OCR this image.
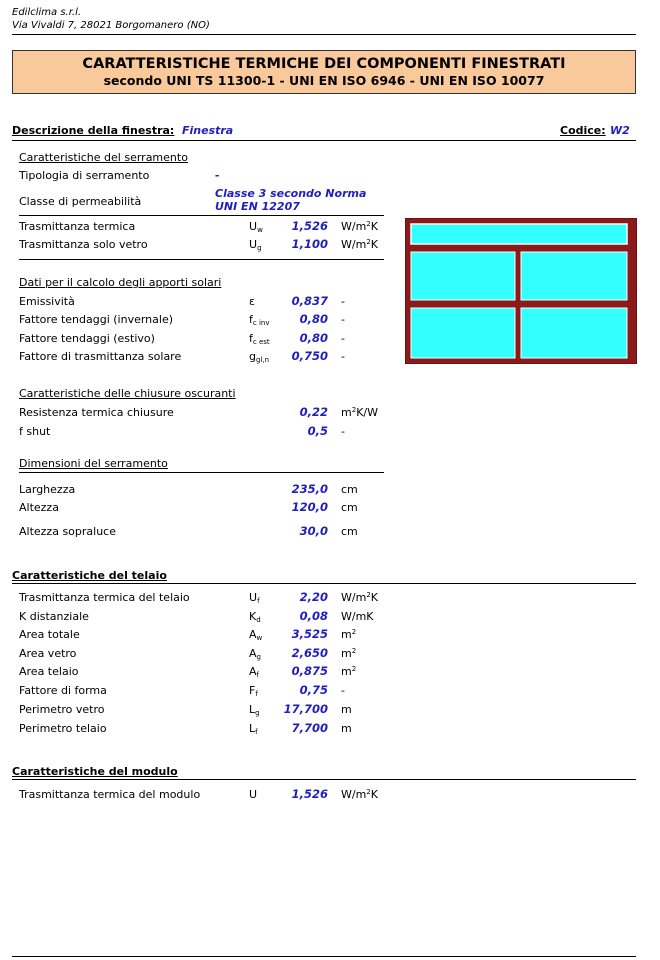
Edilclima s.r.l.
Via Vivaldi 7, 28021 Borgomanero (NO)
CARATTERISTICHE TERMICHE DEI COMPONENTI FINESTRATI
secondo UNI TS 11300-1 - UNI EN ISO 6946 - UNI EN ISO 10077
Descrizione della finestra: Finestra	Codice: W2
Caratteristiche del serramento
Tipologia di serramento	-
Classe di permeabilità
Classe 3 secondo Norma
UNI EN 12207
Trasmittanza termica	$U_w$	1,526 $W/m^2K$
Trasmittanza solo vetro	$U_g$	1,100 $W/m^2K$
Dati per il calcolo degli apporti solari
Emissività	ε	0,837 -
Fattore tendaggi (invernale)	$f_{c inv}$	0,80 -
Fattore tendaggi (estivo)	$f_{c est}$	0,80 -
Fattore di trasmittanza solare	$g_{gl,n}$	0,750 -
Caratteristiche delle chiusure oscuranti
Resistenza termica chiusure	0,22 $m^2K/W$
f shut	0,5 -
Dimensioni del serramento
Larghezza	235,0 cm
Altezza	120,0 cm
Altezza sopraluce	30,0 cm
Caratteristiche del telaio
Trasmittanza termica del telaio	$U_f$	2,20 $W/m^2K$
K distanziale	$K_d$	0,08 W/mK
Area totale	$A_w$	3,525 $m^2$
Area vetro	$A_g$	2,650 $m^2$
Area telaio	$A_f$	0,875 $m^2$
Fattore di forma	$F_f$	0,75 -
Perimetro vetro	$L_g$	17,700 m
Perimetro telaio	$L_f$	7,700 m
Caratteristiche del modulo
Trasmittanza termica del modulo	U	1,526 $W/m^2K$
